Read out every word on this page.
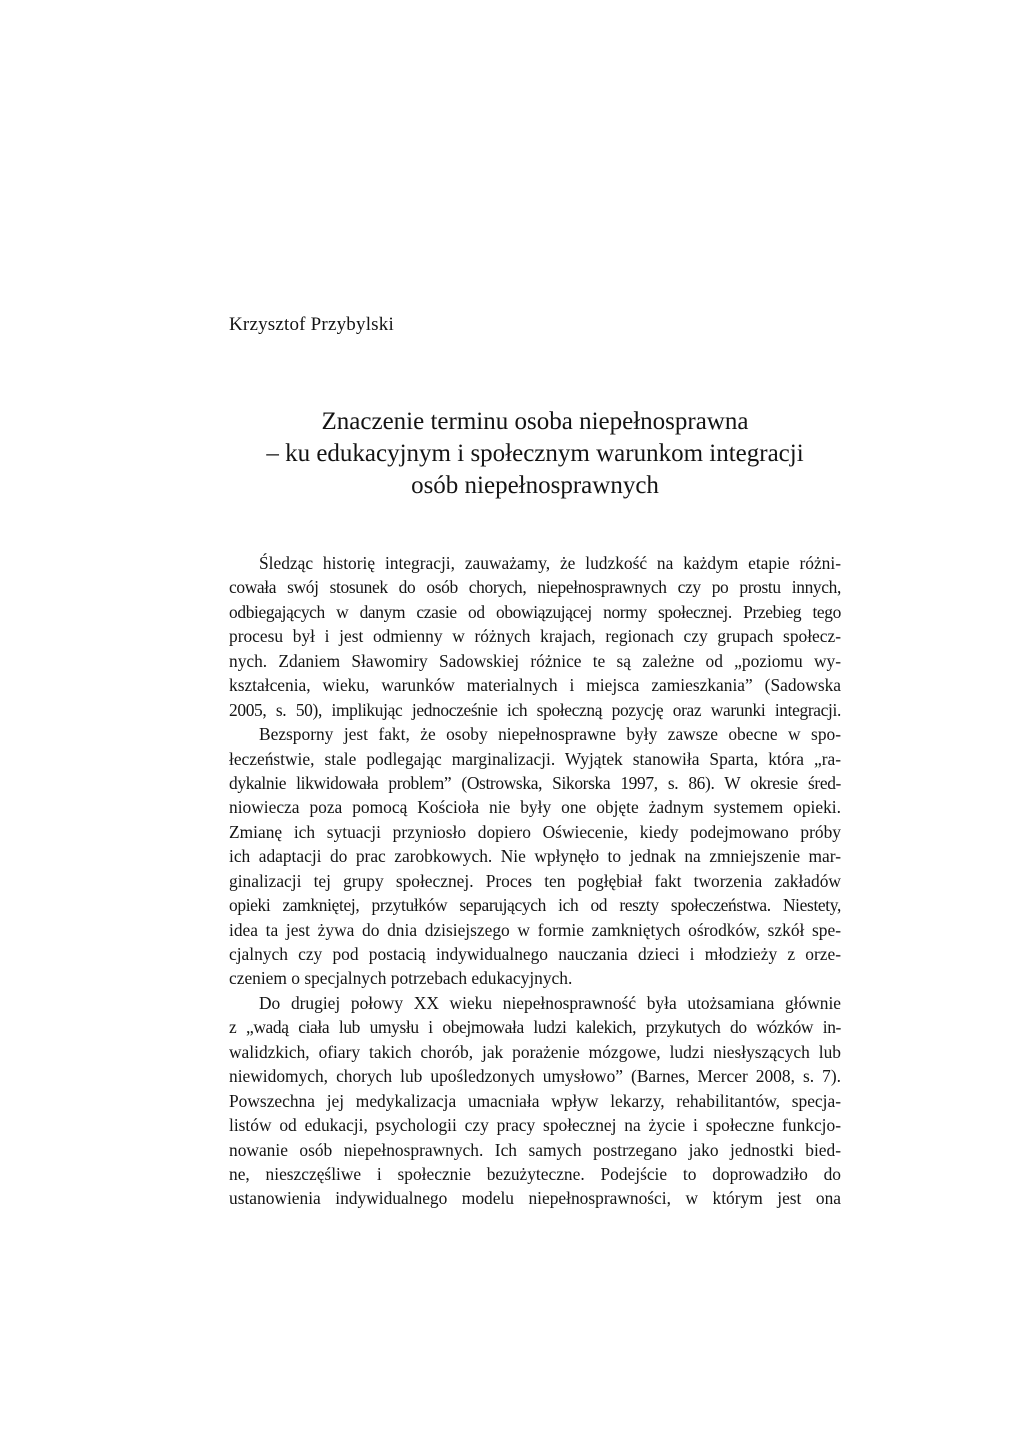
Krzysztof Przybylski
Znaczenie terminu osoba niepełnosprawna
– ku edukacyjnym i społecznym warunkom integracji
osób niepełnosprawnych

Śledząc historię integracji, zauważamy, że ludzkość na każdym etapie różni-
cowała swój stosunek do osób chorych, niepełnosprawnych czy po prostu innych,
odbiegających w danym czasie od obowiązującej normy społecznej. Przebieg tego
procesu był i jest odmienny w różnych krajach, regionach czy grupach społecz-
nych. Zdaniem Sławomiry Sadowskiej różnice te są zależne od „poziomu wy-
kształcenia, wieku, warunków materialnych i miejsca zamieszkania” (Sadowska
2005, s. 50), implikując jednocześnie ich społeczną pozycję oraz warunki integracji.

Bezsporny jest fakt, że osoby niepełnosprawne były zawsze obecne w spo-
łeczeństwie, stale podlegając marginalizacji. Wyjątek stanowiła Sparta, która „ra-
dykalnie likwidowała problem” (Ostrowska, Sikorska 1997, s. 86). W okresie śred-
niowiecza poza pomocą Kościoła nie były one objęte żadnym systemem opieki.
Zmianę ich sytuacji przyniosło dopiero Oświecenie, kiedy podejmowano próby
ich adaptacji do prac zarobkowych. Nie wpłynęło to jednak na zmniejszenie mar-
ginalizacji tej grupy społecznej. Proces ten pogłębiał fakt tworzenia zakładów
opieki zamkniętej, przytułków separujących ich od reszty społeczeństwa. Niestety,
idea ta jest żywa do dnia dzisiejszego w formie zamkniętych ośrodków, szkół spe-
cjalnych czy pod postacią indywidualnego nauczania dzieci i młodzieży z orze-
czeniem o specjalnych potrzebach edukacyjnych.

Do drugiej połowy XX wieku niepełnosprawność była utożsamiana głównie
z „wadą ciała lub umysłu i obejmowała ludzi kalekich, przykutych do wózków in-
walidzkich, ofiary takich chorób, jak porażenie mózgowe, ludzi niesłyszących lub
niewidomych, chorych lub upośledzonych umysłowo” (Barnes, Mercer 2008, s. 7).
Powszechna jej medykalizacja umacniała wpływ lekarzy, rehabilitantów, specja-
listów od edukacji, psychologii czy pracy społecznej na życie i społeczne funkcjo-
nowanie osób niepełnosprawnych. Ich samych postrzegano jako jednostki bied-
ne, nieszczęśliwe i społecznie bezużyteczne. Podejście to doprowadziło do
ustanowienia indywidualnego modelu niepełnosprawności, w którym jest ona
